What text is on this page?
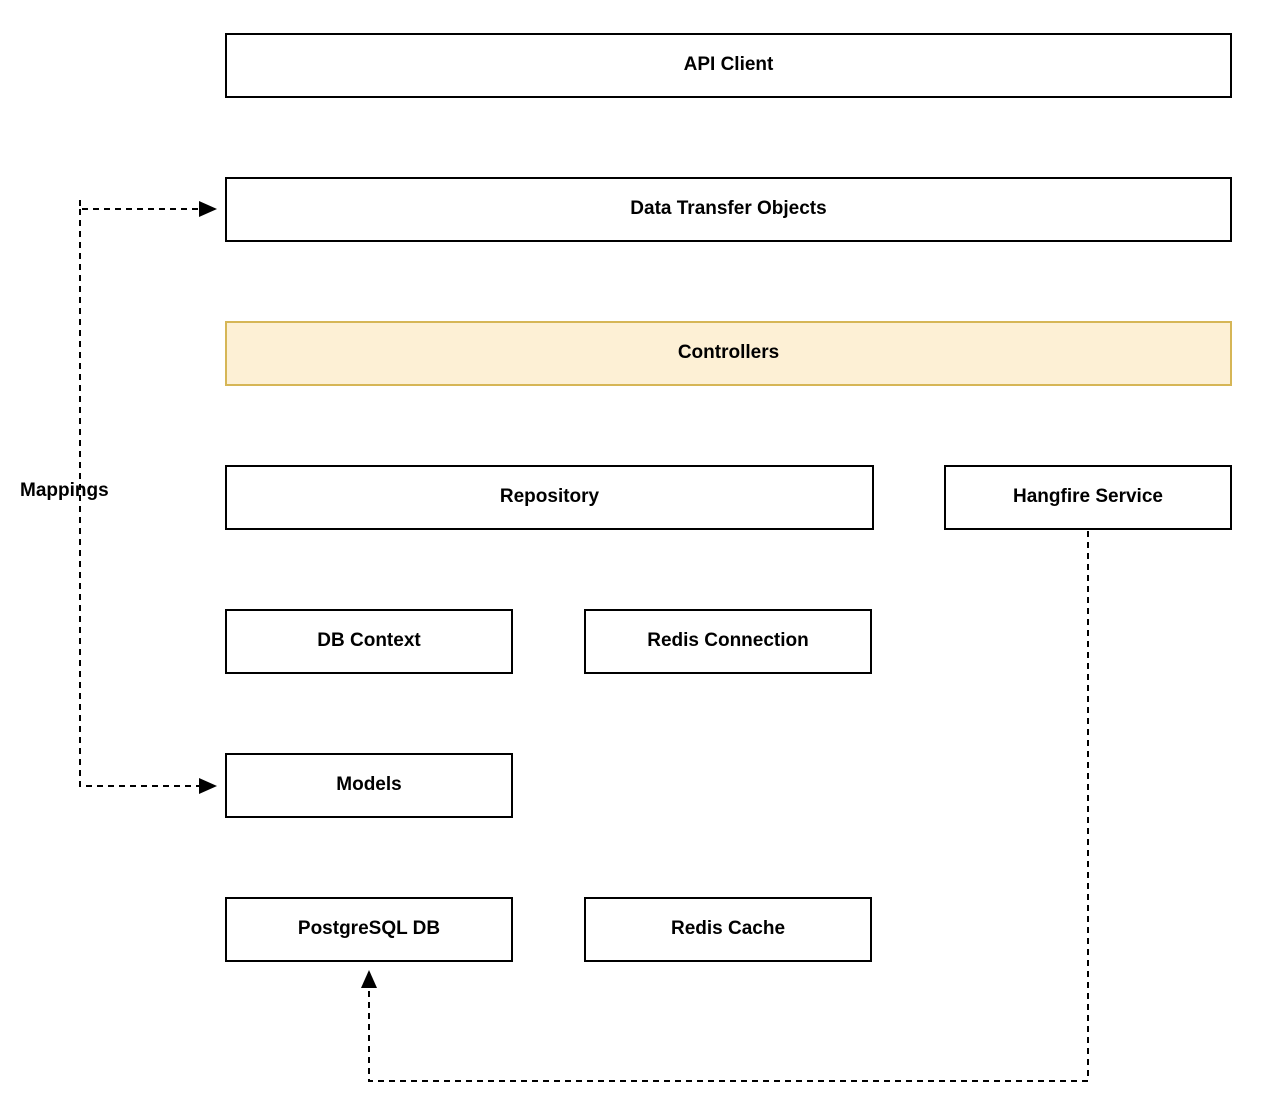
API Client
Data Transfer Objects
Controllers
Repository	Hangfire Service
DB Context	Redis Connection
Models
PostgreSQL DB	Redis Cache
Mappings
